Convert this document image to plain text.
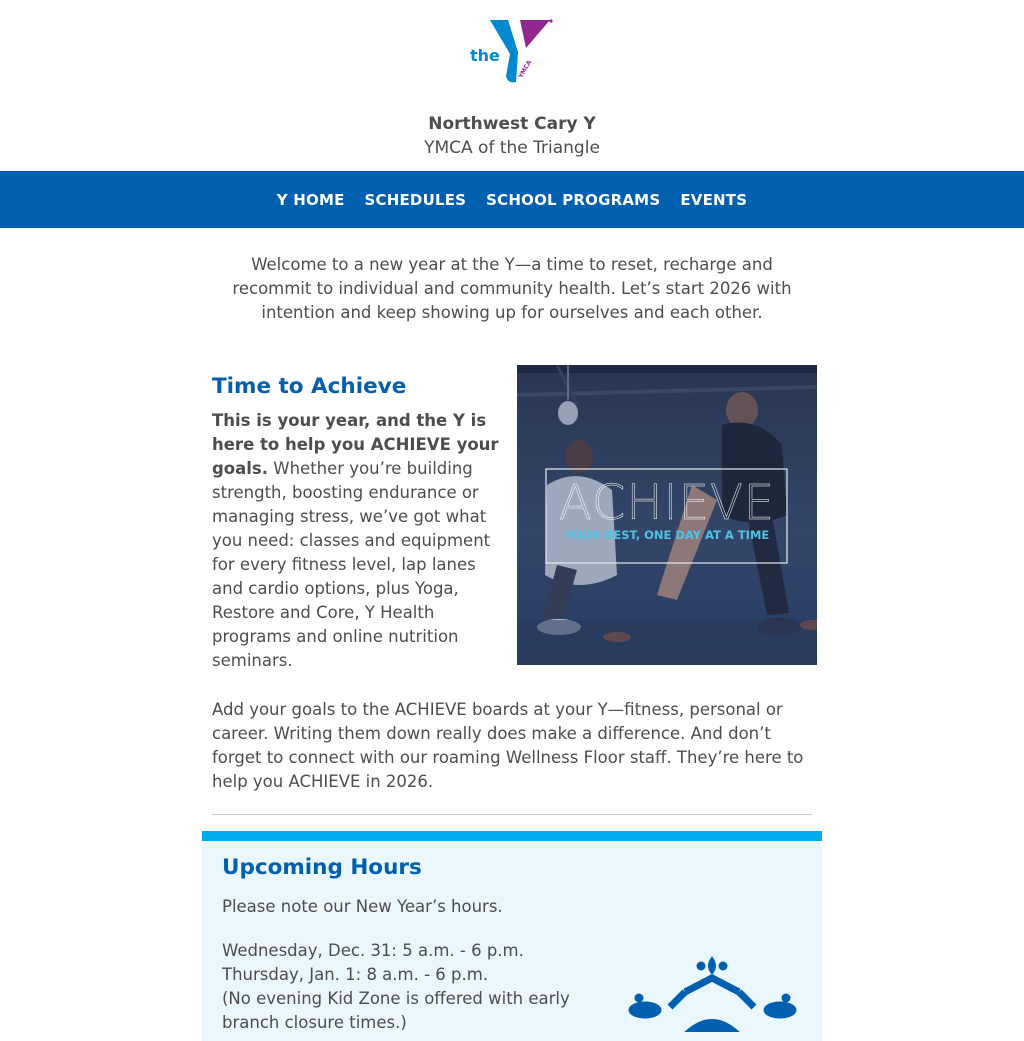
the
YMCA
Northwest Cary Y
YMCA of the Triangle
Y HOME SCHEDULES SCHOOL PROGRAMS EVENTS
Welcome to a new year at the Y—a time to reset, recharge and recommit to individual and community health. Let’s start 2026 with intention and keep showing up for ourselves and each other.
Time to Achieve
This is your year, and the Y is here to help you ACHIEVE your goals. Whether you’re building strength, boosting endurance or managing stress, we’ve got what you need: classes and equipment for every fitness level, lap lanes and cardio options, plus Yoga, Restore and Core, Y Health programs and online nutrition seminars.
ACHIEVE
YOUR BEST, ONE DAY AT A TIME
Add your goals to the ACHIEVE boards at your Y—fitness, personal or career. Writing them down really does make a difference. And don’t forget to connect with our roaming Wellness Floor staff. They’re here to help you ACHIEVE in 2026.
Upcoming Hours
Please note our New Year’s hours.
Wednesday, Dec. 31: 5 a.m. - 6 p.m.
Thursday, Jan. 1: 8 a.m. - 6 p.m.
(No evening Kid Zone is offered with early branch closure times.)
